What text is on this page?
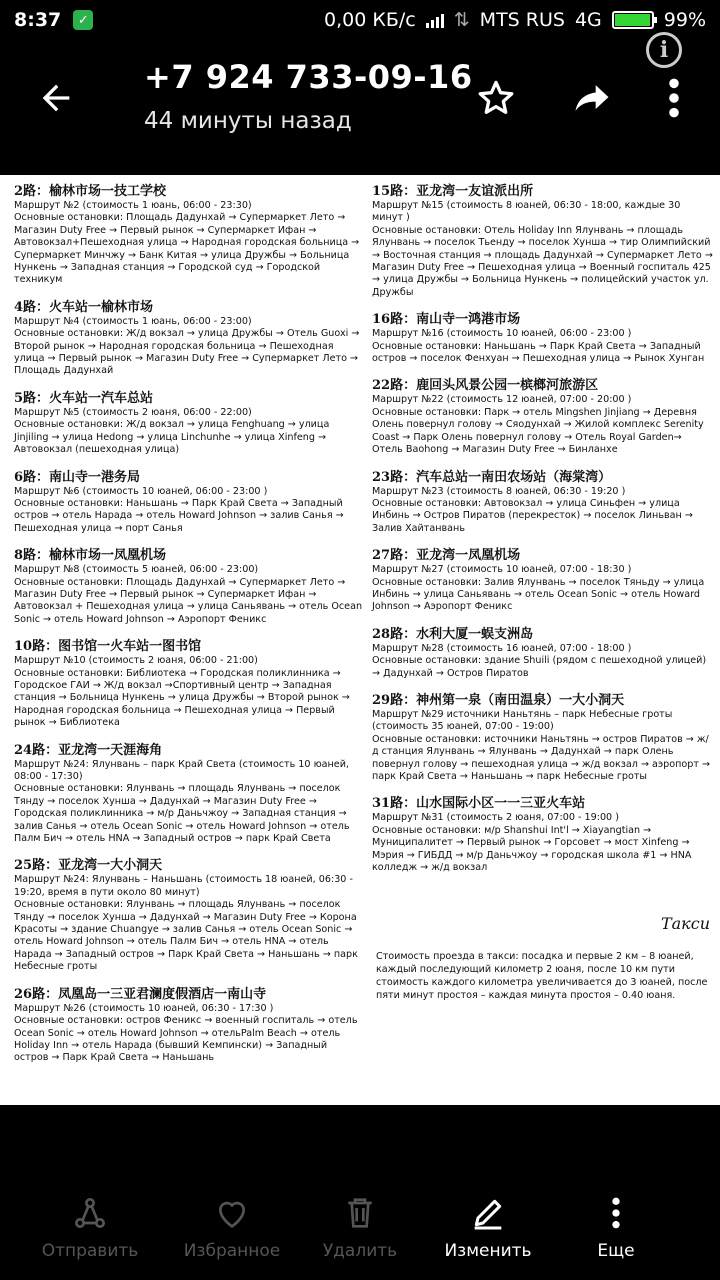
8:37	✓	0,00 КБ/с ⇅ MTS RUS 4G	99%
i
+7 924 733-09-16
44 минуты назад
2路：榆林市场一技工学校

Маршрут №2 (стоимость 1 юань, 06:00 - 23:30)

Основные остановки: Площадь Дадунхай → Супермаркет Лето → Магазин Duty Free → Первый рынок → Супермаркет Ифан → Автовокзал+Пешеходная улица → Народная городская больница → Супермаркет Минчжу → Банк Китая → улица Дружбы → Больница Нункень → Западная станция → Городской суд → Городской техникум

4路：火车站一榆林市场

Маршрут №4 (стоимость 1 юань, 06:00 - 23:00)

Основные остановки: Ж/д вокзал → улица Дружбы → Отель Guoxi → Второй рынок → Народная городская больница → Пешеходная улица → Первый рынок → Магазин Duty Free → Супермаркет Лето → Площадь Дадунхай

5路：火车站一汽车总站

Маршрут №5 (стоимость 2 юаня, 06:00 - 22:00)

Основные остановки: Ж/д вокзал → улица Fenghuang → улица Jinjiling → улица Hedong → улица Linchunhe → улица Xinfeng → Автовокзал (пешеходная улица)

6路：南山寺一港务局

Маршрут №6 (стоимость 10 юаней, 06:00 - 23:00 )

Основные остановки: Наньшань → Парк Край Света → Западный остров → отель Нарада → отель Howard Johnson → залив Санья → Пешеходная улица → порт Санья

8路：榆林市场一凤凰机场

Маршрут №8 (стоимость 5 юаней, 06:00 - 23:00)

Основные остановки: Площадь Дадунхай → Супермаркет Лето → Магазин Duty Free → Первый рынок → Супермаркет Ифан → Автовокзал + Пешеходная улица → улица Саньявань → отель Ocean Sonic → отель Howard Johnson → Аэропорт Феникс

10路：图书馆一火车站一图书馆

Маршрут №10 (стоимость 2 юаня, 06:00 - 21:00)

Основные остановки: Библиотека → Городская поликлинника → Городское ГАИ → Ж/д вокзал →Спортивный центр → Западная станция → Больница Нункень → улица Дружбы → Второй рынок → Народная городская больница → Пешеходная улица → Первый рынок → Библиотека

24路：亚龙湾一天涯海角

Маршрут №24: Ялунвань – парк Край Света (стоимость 10 юаней, 08:00 - 17:30)

Основные остановки: Ялунвань → площадь Ялунвань → поселок Тянду → поселок Хунша → Дадунхай → Магазин Duty Free → Городская поликлинника → м/р Даньчжоу → Западная станция → залив Санья → отель Ocean Sonic → отель Howard Johnson → отель Палм Бич → отель HNA → Западный остров → парк Край Света

25路：亚龙湾一大小洞天

Маршрут №24: Ялунвань – Наньшань (стоимость 18 юаней, 06:30 - 19:20, время в пути около 80 минут)

Основные остановки: Ялунвань → площадь Ялунвань → поселок Тянду → поселок Хунша → Дадунхай → Магазин Duty Free → Корона Красоты → здание Chuangye → залив Санья → отель Ocean Sonic → отель Howard Johnson → отель Палм Бич → отель HNA → отель Нарада → Западный остров → Парк Край Света → Наньшань → парк Небесные гроты

26路：凤凰岛一三亚君澜度假酒店一南山寺

Маршрут №26 (стоимость 10 юаней, 06:30 - 17:30 )

Основные остановки: остров Феникс → военный госпиталь → отель Ocean Sonic → отель Howard Johnson → отельPalm Beach → отель Holiday Inn → отель Нарада (бывший Кемпински) → Западный остров → Парк Край Света → Наньшань

15路：亚龙湾一友谊派出所

Маршрут №15 (стоимость 8 юаней, 06:30 - 18:00, каждые 30 минут )

Основные остановки: Отель Holiday Inn Ялунвань → площадь Ялунвань → поселок Тьенду → поселок Хунша → тир Олимпийский → Восточная станция → площадь Дадунхай → Супермаркет Лето → Магазин Duty Free → Пешеходная улица → Военный госпиталь 425 → улица Дружбы → Больница Нункень → полицейский участок ул. Дружбы

16路：南山寺一鸿港市场

Маршрут №16 (стоимость 10 юаней, 06:00 - 23:00 )

Основные остановки: Наньшань → Парк Край Света → Западный остров → поселок Фенхуан → Пешеходная улица → Рынок Хунган

22路：鹿回头风景公园一槟榔河旅游区

Маршрут №22 (стоимость 12 юаней, 07:00 - 20:00 )

Основные остановки: Парк → отель Mingshen Jinjiang → Деревня Олень повернул голову → Сяодунхай → Жилой комплекс Serenity Coast → Парк Олень повернул голову → Отель Royal Garden→ Отель Baohong → Магазин Duty Free → Бинланхе

23路：汽车总站一南田农场站（海棠湾）

Маршрут №23 (стоимость 8 юаней, 06:30 - 19:20 )

Основные остановки: Автовокзал → улица Синьфен → улица Инбинь → Остров Пиратов (перекресток) → поселок Линьван → Залив Хайтанвань

27路：亚龙湾一凤凰机场

Маршрут №27 (стоимость 10 юаней, 07:00 - 18:30 )

Основные остановки: Залив Ялунвань → поселок Тяньду → улица Инбинь → улица Саньявань → отель Ocean Sonic → отель Howard Johnson → Аэропорт Феникс

28路：水利大厦一蜈支洲岛

Маршрут №28 (стоимость 16 юаней, 07:00 - 18:00 )

Основные остановки: здание Shuili (рядом с пешеходной улицей) → Дадунхай → Остров Пиратов

29路：神州第一泉（南田温泉）一大小洞天

Маршрут №29 источники Наньтянь – парк Небесные гроты (стоимость 35 юаней, 07:00 - 19:00)

Основные остановки: источники Наньтянь → остров Пиратов → ж/д станция Ялунвань → Ялунвань → Дадунхай → парк Олень повернул голову → пешеходная улица → ж/д вокзал → аэропорт → парк Край Света → Наньшань → парк Небесные гроты

31路：山水国际小区一一三亚火车站

Маршрут №31 (стоимость 2 юаня, 07:00 - 19:00 )

Основные остановки: м/р Shanshui Int'l → Xiayangtian → Муниципалитет → Первый рынок → Горсовет → мост Xinfeng → Мэрия → ГИБДД → м/р Даньчжоу → городская школа #1 → HNA колледж → ж/д вокзал

Такси
Стоимость проезда в такси: посадка и первые 2 км – 8 юаней, каждый последующий километр 2 юаня, после 10 км пути стоимость каждого километра увеличивается до 3 юаней, после пяти минут простоя – каждая минута простоя – 0.40 юаня.
Отправить	Избранное	Удалить	Изменить	Еще
